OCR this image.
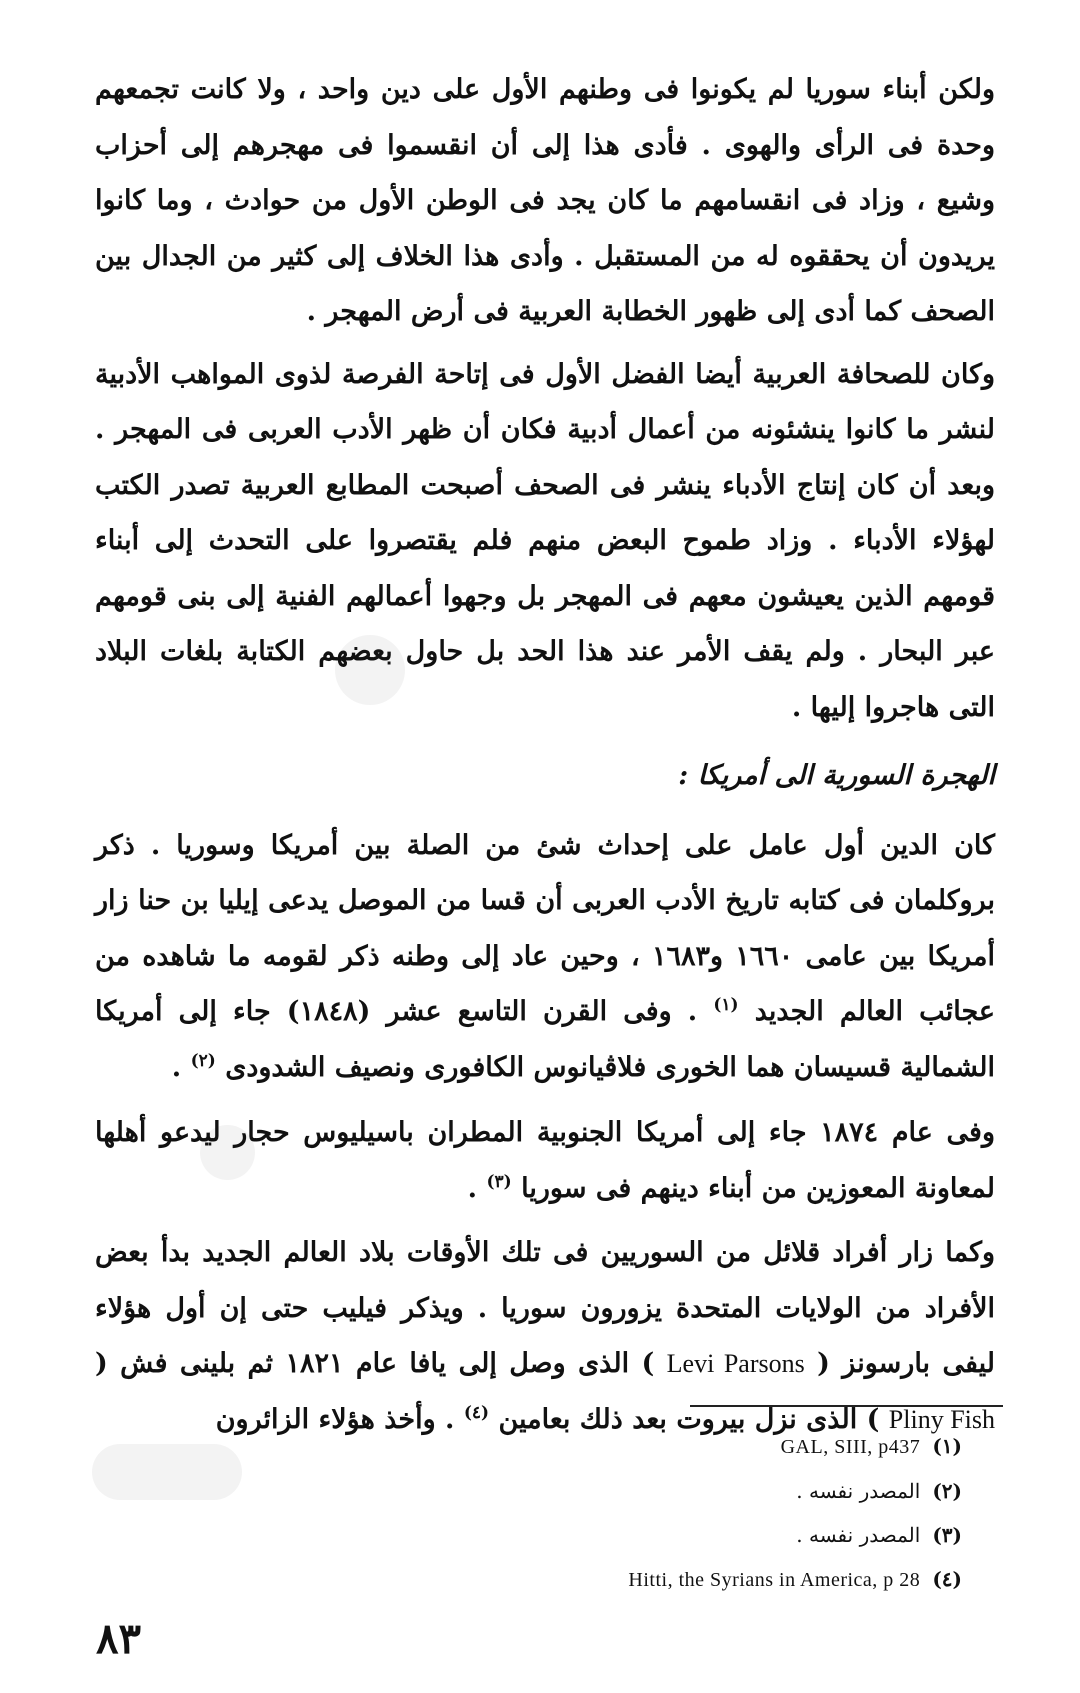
ولكن أبناء سوريا لم يكونوا فى وطنهم الأول على دين واحد ، ولا كانت تجمعهم وحدة فى الرأى والهوى . فأدى هذا إلى أن انقسموا فى مهجرهم إلى أحزاب وشيع ، وزاد فى انقسامهم ما كان يجد فى الوطن الأول من حوادث ، وما كانوا يريدون أن يحققوه له من المستقبل . وأدى هذا الخلاف إلى كثير من الجدال بين الصحف كما أدى إلى ظهور الخطابة العربية فى أرض المهجر .

وكان للصحافة العربية أيضا الفضل الأول فى إتاحة الفرصة لذوى المواهب الأدبية لنشر ما كانوا ينشئونه من أعمال أدبية فكان أن ظهر الأدب العربى فى المهجر . وبعد أن كان إنتاج الأدباء ينشر فى الصحف أصبحت المطابع العربية تصدر الكتب لهؤلاء الأدباء . وزاد طموح البعض منهم فلم يقتصروا على التحدث إلى أبناء قومهم الذين يعيشون معهم فى المهجر بل وجهوا أعمالهم الفنية إلى بنى قومهم عبر البحار . ولم يقف الأمر عند هذا الحد بل حاول بعضهم الكتابة بلغات البلاد التى هاجروا إليها .

الهجرة السورية الى أمريكا :

كان الدين أول عامل على إحداث شئ من الصلة بين أمريكا وسوريا . ذكر بروكلمان فى كتابه تاريخ الأدب العربى أن قسا من الموصل يدعى إيليا بن حنا زار أمريكا بين عامى ١٦٦٠ و١٦٨٣ ، وحين عاد إلى وطنه ذكر لقومه ما شاهده من عجائب العالم الجديد $^{(١)}$ . وفى القرن التاسع عشر (١٨٤٨) جاء إلى أمريكا الشمالية قسيسان هما الخورى فلاڤيانوس الكافورى ونصيف الشدودى $^{(٢)}$ .

وفى عام ١٨٧٤ جاء إلى أمريكا الجنوبية المطران باسيليوس حجار ليدعو أهلها لمعاونة المعوزين من أبناء دينهم فى سوريا $^{(٣)}$ .

وكما زار أفراد قلائل من السوريين فى تلك الأوقات بلاد العالم الجديد بدأ بعض الأفراد من الولايات المتحدة يزورون سوريا . ويذكر فيليب حتى إن أول هؤلاء ليفى بارسونز ( Levi Parsons ) الذى وصل إلى يافا عام ١٨٢١ ثم بلينى فش ( Pliny Fish ) الذى نزل بيروت بعد ذلك بعامين $^{(٤)}$ . وأخذ هؤلاء الزائرون

(١)GAL, SIII, p437
(٢)المصدر نفسه .
(٣)المصدر نفسه .
(٤)Hitti, the Syrians in America, p 28
٨٣
